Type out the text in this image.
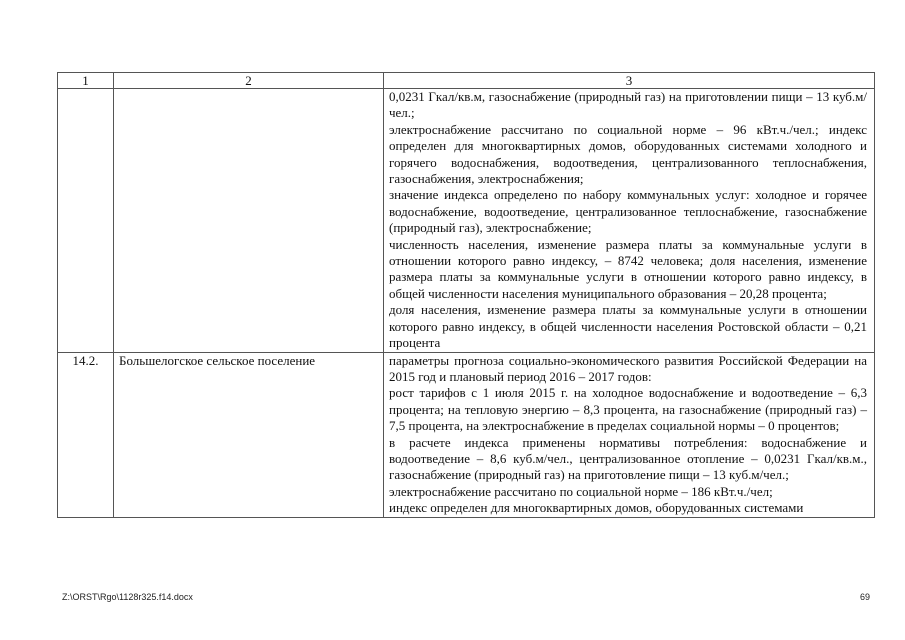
1	2	3

		0,0231 Гкал/кв.м, газоснабжение (природный газ) на приготовлении пищи – 13 куб.м/чел.;

электроснабжение рассчитано по социальной норме – 96 кВт.ч./чел.; индекс определен для многоквартирных домов, оборудованных системами холодного и горячего водоснабжения, водоотведения, централизованного теплоснабжения, газоснабжения, электроснабжения;

значение индекса определено по набору коммунальных услуг: холодное и горячее водоснабжение, водоотведение, централизованное теплоснабжение, газоснабжение (природный газ), электроснабжение;

численность населения, изменение размера платы за коммунальные услуги в отношении которого равно индексу, – 8742 человека; доля населения, изменение размера платы за коммунальные услуги в отношении которого равно индексу, в общей численности населения муниципального образования – 20,28 процента;

доля населения, изменение размера платы за коммунальные услуги в отношении которого равно индексу, в общей численности населения Ростовской области – 0,21 процента

14.2.	Большелогское сельское поселение	параметры прогноза социально-экономического развития Российской Федерации на 2015 год и плановый период 2016 – 2017 годов:

рост тарифов с 1 июля 2015 г. на холодное водоснабжение и водоотведение – 6,3 процента; на тепловую энергию – 8,3 процента, на газоснабжение (природный газ) – 7,5 процента, на электроснабжение в пределах социальной нормы – 0 процентов;

в расчете индекса применены нормативы потребления: водоснабжение и водоотведение – 8,6 куб.м/чел., централизованное отопление – 0,0231 Гкал/кв.м., газоснабжение (природный газ) на приготовление пищи – 13 куб.м/чел.;

электроснабжение рассчитано по социальной норме – 186 кВт.ч./чел;

индекс определен для многоквартирных домов, оборудованных системами

Z:\ORST\Rgo\1128r325.f14.docx	69
